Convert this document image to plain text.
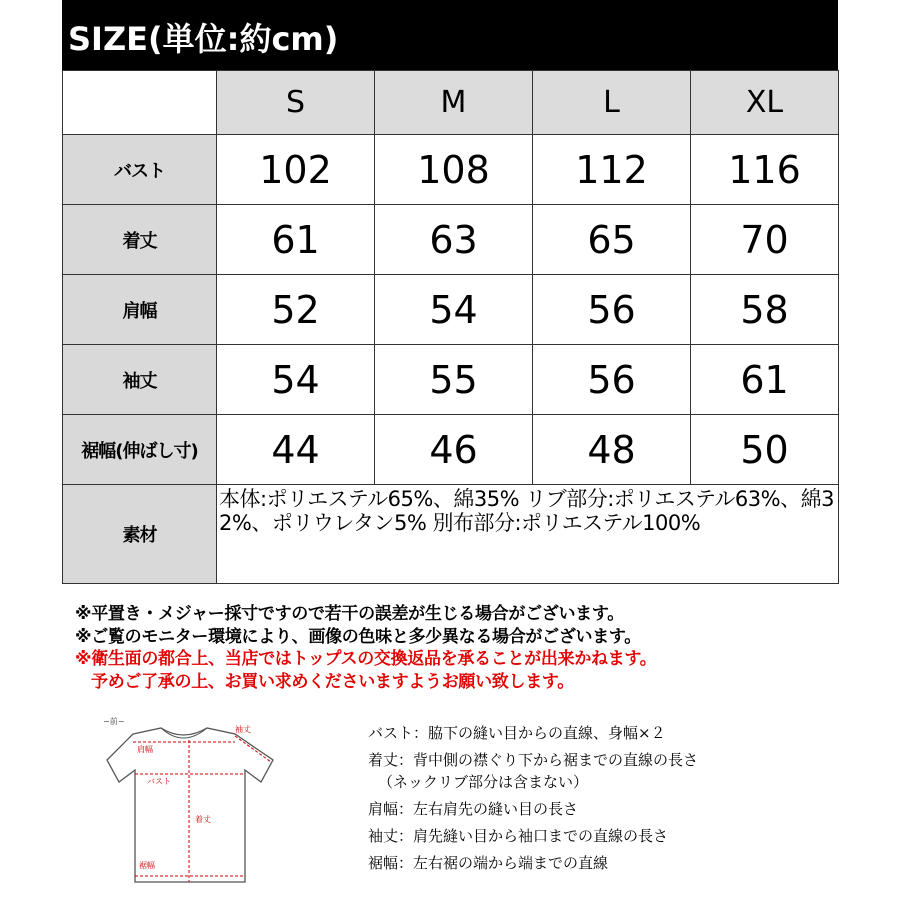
SIZE(単位:約cm)
	S	M	L	XL
バスト	102	108	112	116
着丈	61	63	65	70
肩幅	52	54	56	58
袖丈	54	55	56	61
裾幅(伸ばし寸)	44	46	48	50
素材	本体:ポリエステル65%、綿35% リブ部分:ポリエステル63%、綿32%、ポリウレタン5% 別布部分:ポリエステル100%			
※平置き・メジャー採寸ですので若干の誤差が生じる場合がございます。
※ご覧のモニター環境により、画像の色味と多少異なる場合がございます。
※衛生面の都合上、当店ではトップスの交換返品を承ることが出来かねます。
予めご了承の上、お買い求めくださいますようお願い致します。
−前−
肩幅
袖丈
バスト
着丈
裾幅
バスト：脇下の縫い目からの直線、身幅×２
着丈：背中側の襟ぐり下から裾までの直線の長さ
（ネックリブ部分は含まない）
肩幅：左右肩先の縫い目の長さ
袖丈：肩先縫い目から袖口までの直線の長さ
裾幅：左右裾の端から端までの直線
